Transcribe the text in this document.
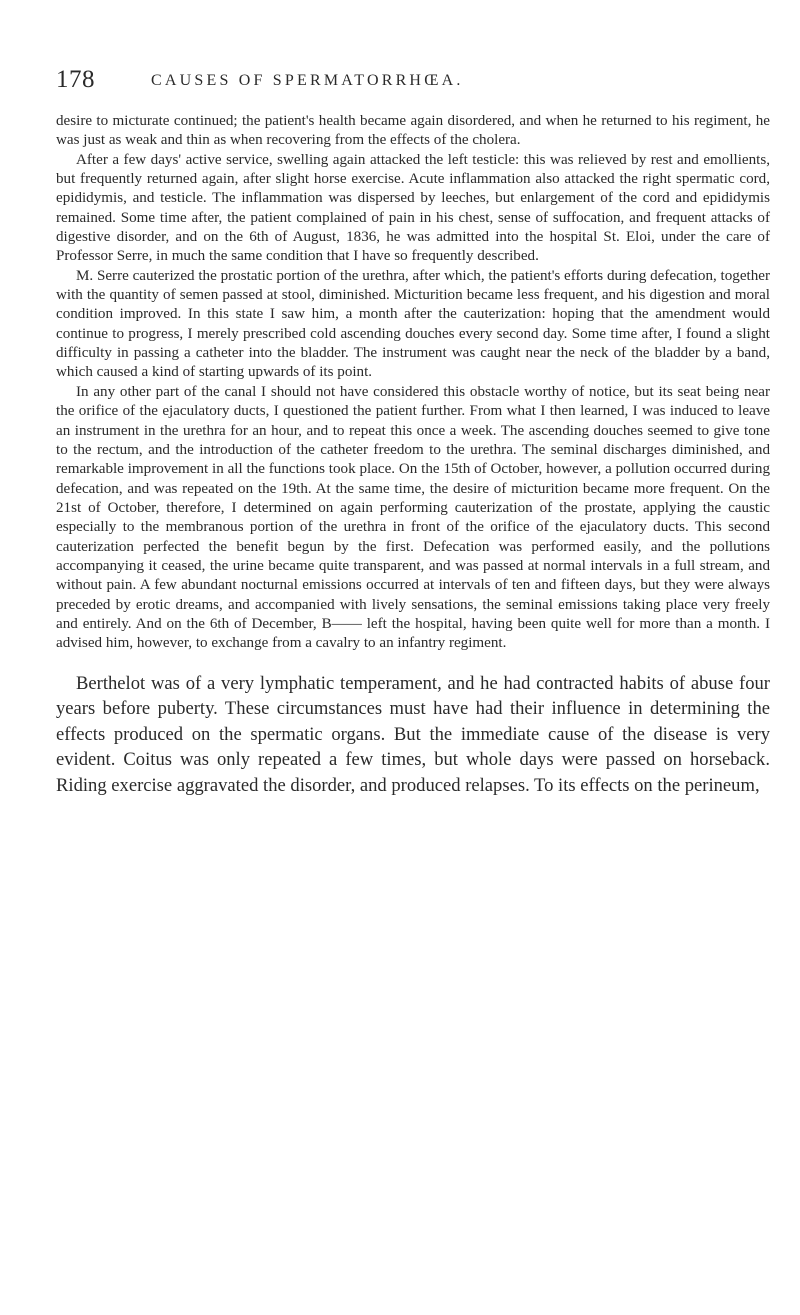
178	CAUSES OF SPERMATORRHŒA.

desire to micturate continued; the patient's health became again disordered, and when he returned to his regiment, he was just as weak and thin as when recovering from the effects of the cholera.

After a few days' active service, swelling again attacked the left testicle: this was relieved by rest and emollients, but frequently returned again, after slight horse exercise. Acute inflammation also attacked the right spermatic cord, epididymis, and testicle. The inflammation was dispersed by leeches, but enlargement of the cord and epididymis remained. Some time after, the patient complained of pain in his chest, sense of suffocation, and frequent attacks of digestive disorder, and on the 6th of August, 1836, he was admitted into the hospital St. Eloi, under the care of Professor Serre, in much the same condition that I have so frequently described.

M. Serre cauterized the prostatic portion of the urethra, after which, the patient's efforts during defecation, together with the quantity of semen passed at stool, diminished. Micturition became less frequent, and his digestion and moral condition improved. In this state I saw him, a month after the cauterization: hoping that the amendment would continue to progress, I merely prescribed cold ascending douches every second day. Some time after, I found a slight difficulty in passing a catheter into the bladder. The instrument was caught near the neck of the bladder by a band, which caused a kind of starting upwards of its point.

In any other part of the canal I should not have considered this obstacle worthy of notice, but its seat being near the orifice of the ejaculatory ducts, I questioned the patient further. From what I then learned, I was induced to leave an instrument in the urethra for an hour, and to repeat this once a week. The ascending douches seemed to give tone to the rectum, and the introduction of the catheter freedom to the urethra. The seminal discharges diminished, and remarkable improvement in all the functions took place. On the 15th of October, however, a pollution occurred during defecation, and was repeated on the 19th. At the same time, the desire of micturition became more frequent. On the 21st of October, therefore, I determined on again performing cauterization of the prostate, applying the caustic especially to the membranous portion of the urethra in front of the orifice of the ejaculatory ducts. This second cauterization perfected the benefit begun by the first. Defecation was performed easily, and the pollutions accompanying it ceased, the urine became quite transparent, and was passed at normal intervals in a full stream, and without pain. A few abundant nocturnal emissions occurred at intervals of ten and fifteen days, but they were always preceded by erotic dreams, and accompanied with lively sensations, the seminal emissions taking place very freely and entirely. And on the 6th of December, B—— left the hospital, having been quite well for more than a month. I advised him, however, to exchange from a cavalry to an infantry regiment.

Berthelot was of a very lymphatic temperament, and he had contracted habits of abuse four years before puberty. These circumstances must have had their influence in determining the effects produced on the spermatic organs. But the immediate cause of the disease is very evident. Coitus was only repeated a few times, but whole days were passed on horseback. Riding exercise aggravated the disorder, and produced relapses. To its effects on the perineum,
